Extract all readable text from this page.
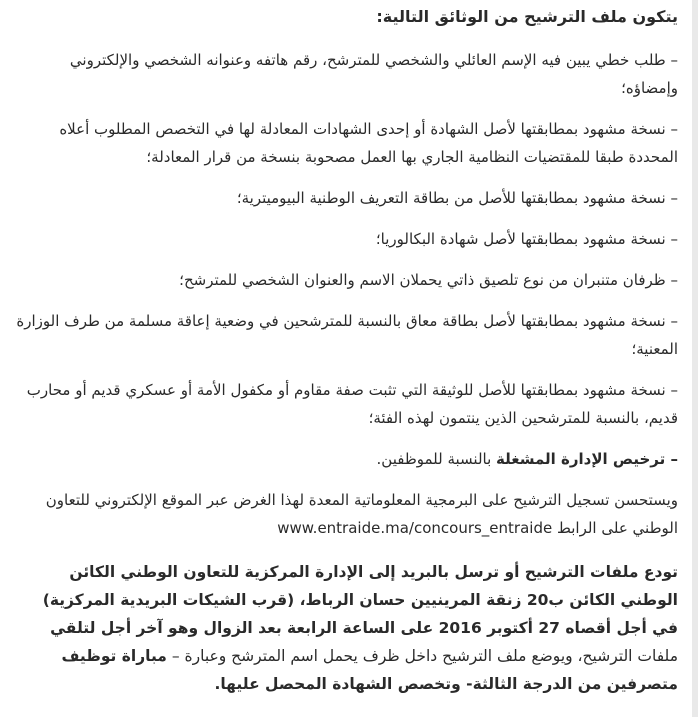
يتكون ملف الترشيح من الوثائق التالية:

– طلب خطي يبين فيه الإسم العائلي والشخصي للمترشح، رقم هاتفه وعنوانه الشخصي والإلكتروني وإمضاؤه؛

– نسخة مشهود بمطابقتها لأصل الشهادة أو إحدى الشهادات المعادلة لها في التخصص المطلوب أعلاه المحددة طبقا للمقتضيات النظامية الجاري بها العمل مصحوبة بنسخة من قرار المعادلة؛

– نسخة مشهود بمطابقتها للأصل من بطاقة التعريف الوطنية البيوميترية؛

– نسخة مشهود بمطابقتها لأصل شهادة البكالوريا؛

– ظرفان متنبران من نوع تلصيق ذاتي يحملان الاسم والعنوان الشخصي للمترشح؛

– نسخة مشهود بمطابقتها لأصل بطاقة معاق بالنسبة للمترشحين في وضعية إعاقة مسلمة من طرف الوزارة المعنية؛

– نسخة مشهود بمطابقتها للأصل للوثيقة التي تثبت صفة مقاوم أو مكفول الأمة أو عسكري قديم أو محارب قديم، بالنسبة للمترشحين الذين ينتمون لهذه الفئة؛

– ترخيص الإدارة المشغلة بالنسبة للموظفين.

ويستحسن تسجيل الترشيح على البرمجية المعلوماتية المعدة لهذا الغرض عبر الموقع الإلكتروني للتعاون الوطني على الرابط www.entraide.ma/concours_entraide

تودع ملفات الترشيح أو ترسل بالبريد إلى الإدارة المركزية للتعاون الوطني الكائن الوطني الكائن ب20 زنقة المرينيين حسان الرباط، (قرب الشيكات البريدية المركزية) في أجل أقصاه 27 أكتوبر 2016 على الساعة الرابعة بعد الزوال وهو آخر أجل لتلقي ملفات الترشيح، ويوضع ملف الترشيح داخل ظرف يحمل اسم المترشح وعبارة – مباراة توظيف متصرفين من الدرجة الثالثة- وتخصص الشهادة المحصل عليها.
